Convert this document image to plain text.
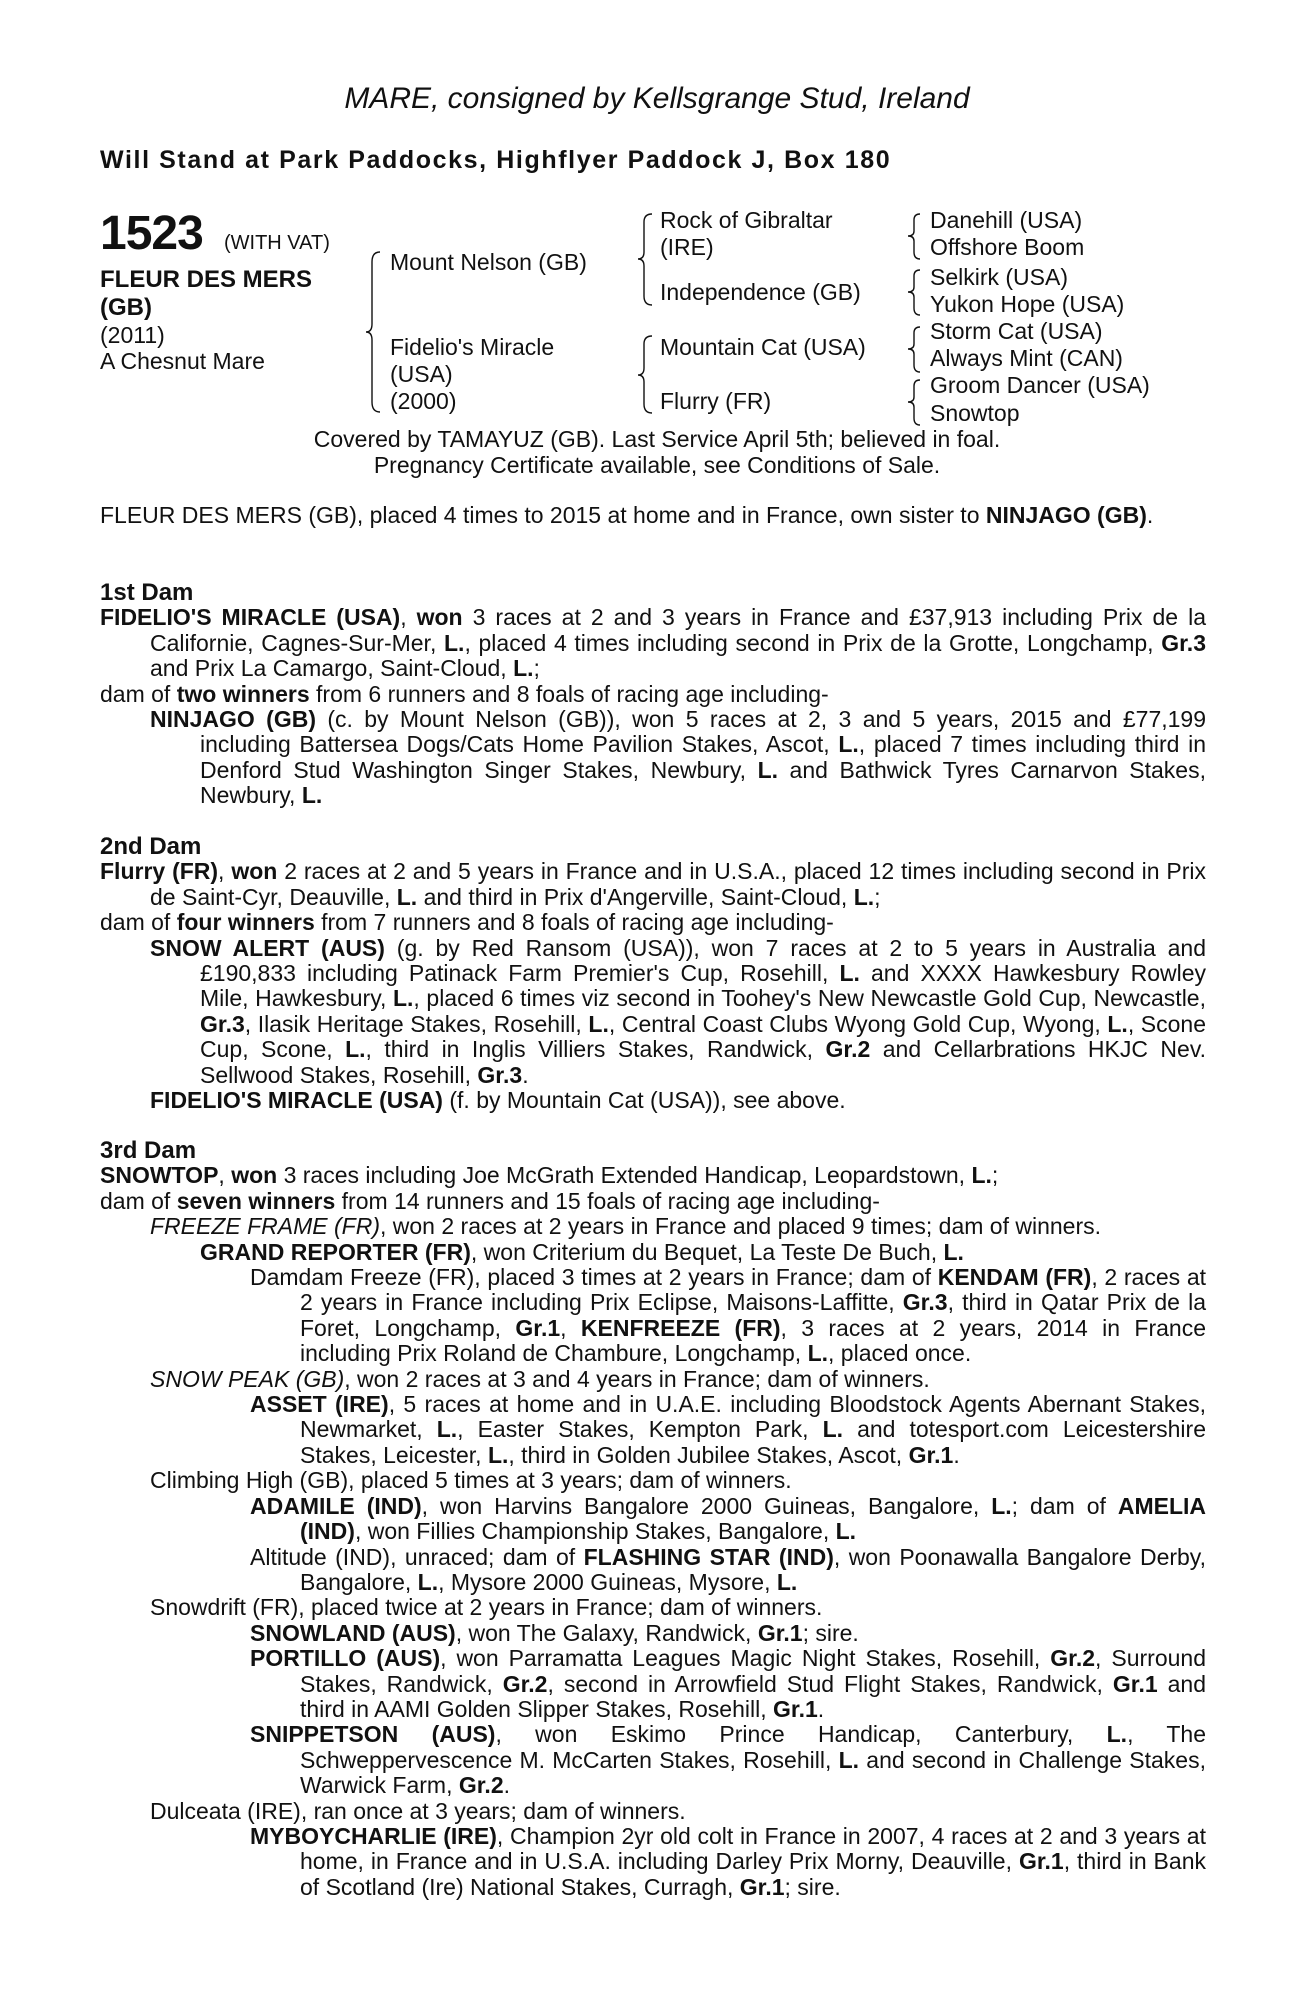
MARE, consigned by Kellsgrange Stud, Ireland
Will Stand at Park Paddocks, Highflyer Paddock J, Box 180
1523 (WITH VAT)
FLEUR DES MERS
(GB)
(2011)
A Chesnut Mare
Mount Nelson (GB)
Fidelio's Miracle
(USA)
(2000)
Rock of Gibraltar
(IRE)
Independence (GB)
Mountain Cat (USA)
Flurry (FR)
Danehill (USA)
Offshore Boom
Selkirk (USA)
Yukon Hope (USA)
Storm Cat (USA)
Always Mint (CAN)
Groom Dancer (USA)
Snowtop
Covered by TAMAYUZ (GB). Last Service April 5th; believed in foal.
Pregnancy Certificate available, see Conditions of Sale.
FLEUR DES MERS (GB), placed 4 times to 2015 at home and in France, own sister to NINJAGO (GB).

1st Dam

FIDELIO'S MIRACLE (USA), won 3 races at 2 and 3 years in France and £37,913 including Prix de la Californie, Cagnes-Sur-Mer, L., placed 4 times including second in Prix de la Grotte, Longchamp, Gr.3 and Prix La Camargo, Saint-Cloud, L.;

dam of two winners from 6 runners and 8 foals of racing age including-

NINJAGO (GB) (c. by Mount Nelson (GB)), won 5 races at 2, 3 and 5 years, 2015 and £77,199 including Battersea Dogs/Cats Home Pavilion Stakes, Ascot, L., placed 7 times including third in Denford Stud Washington Singer Stakes, Newbury, L. and Bathwick Tyres Carnarvon Stakes, Newbury, L.

2nd Dam

Flurry (FR), won 2 races at 2 and 5 years in France and in U.S.A., placed 12 times including second in Prix de Saint-Cyr, Deauville, L. and third in Prix d'Angerville, Saint-Cloud, L.;

dam of four winners from 7 runners and 8 foals of racing age including-

SNOW ALERT (AUS) (g. by Red Ransom (USA)), won 7 races at 2 to 5 years in Australia and £190,833 including Patinack Farm Premier's Cup, Rosehill, L. and XXXX Hawkesbury Rowley Mile, Hawkesbury, L., placed 6 times viz second in Toohey's New Newcastle Gold Cup, Newcastle, Gr.3, Ilasik Heritage Stakes, Rosehill, L., Central Coast Clubs Wyong Gold Cup, Wyong, L., Scone Cup, Scone, L., third in Inglis Villiers Stakes, Randwick, Gr.2 and Cellarbrations HKJC Nev. Sellwood Stakes, Rosehill, Gr.3.

FIDELIO'S MIRACLE (USA) (f. by Mountain Cat (USA)), see above.

3rd Dam

SNOWTOP, won 3 races including Joe McGrath Extended Handicap, Leopardstown, L.;

dam of seven winners from 14 runners and 15 foals of racing age including-

FREEZE FRAME (FR), won 2 races at 2 years in France and placed 9 times; dam of winners.

GRAND REPORTER (FR), won Criterium du Bequet, La Teste De Buch, L.

Damdam Freeze (FR), placed 3 times at 2 years in France; dam of KENDAM (FR), 2 races at 2 years in France including Prix Eclipse, Maisons-Laffitte, Gr.3, third in Qatar Prix de la Foret, Longchamp, Gr.1, KENFREEZE (FR), 3 races at 2 years, 2014 in France including Prix Roland de Chambure, Longchamp, L., placed once.

SNOW PEAK (GB), won 2 races at 3 and 4 years in France; dam of winners.

ASSET (IRE), 5 races at home and in U.A.E. including Bloodstock Agents Abernant Stakes, Newmarket, L., Easter Stakes, Kempton Park, L. and totesport.com Leicestershire Stakes, Leicester, L., third in Golden Jubilee Stakes, Ascot, Gr.1.

Climbing High (GB), placed 5 times at 3 years; dam of winners.

ADAMILE (IND), won Harvins Bangalore 2000 Guineas, Bangalore, L.; dam of AMELIA (IND), won Fillies Championship Stakes, Bangalore, L.

Altitude (IND), unraced; dam of FLASHING STAR (IND), won Poonawalla Bangalore Derby, Bangalore, L., Mysore 2000 Guineas, Mysore, L.

Snowdrift (FR), placed twice at 2 years in France; dam of winners.

SNOWLAND (AUS), won The Galaxy, Randwick, Gr.1; sire.

PORTILLO (AUS), won Parramatta Leagues Magic Night Stakes, Rosehill, Gr.2, Surround Stakes, Randwick, Gr.2, second in Arrowfield Stud Flight Stakes, Randwick, Gr.1 and third in AAMI Golden Slipper Stakes, Rosehill, Gr.1.

SNIPPETSON (AUS), won Eskimo Prince Handicap, Canterbury, L., The Schweppervescence M. McCarten Stakes, Rosehill, L. and second in Challenge Stakes, Warwick Farm, Gr.2.

Dulceata (IRE), ran once at 3 years; dam of winners.

MYBOYCHARLIE (IRE), Champion 2yr old colt in France in 2007, 4 races at 2 and 3 years at home, in France and in U.S.A. including Darley Prix Morny, Deauville, Gr.1, third in Bank of Scotland (Ire) National Stakes, Curragh, Gr.1; sire.
